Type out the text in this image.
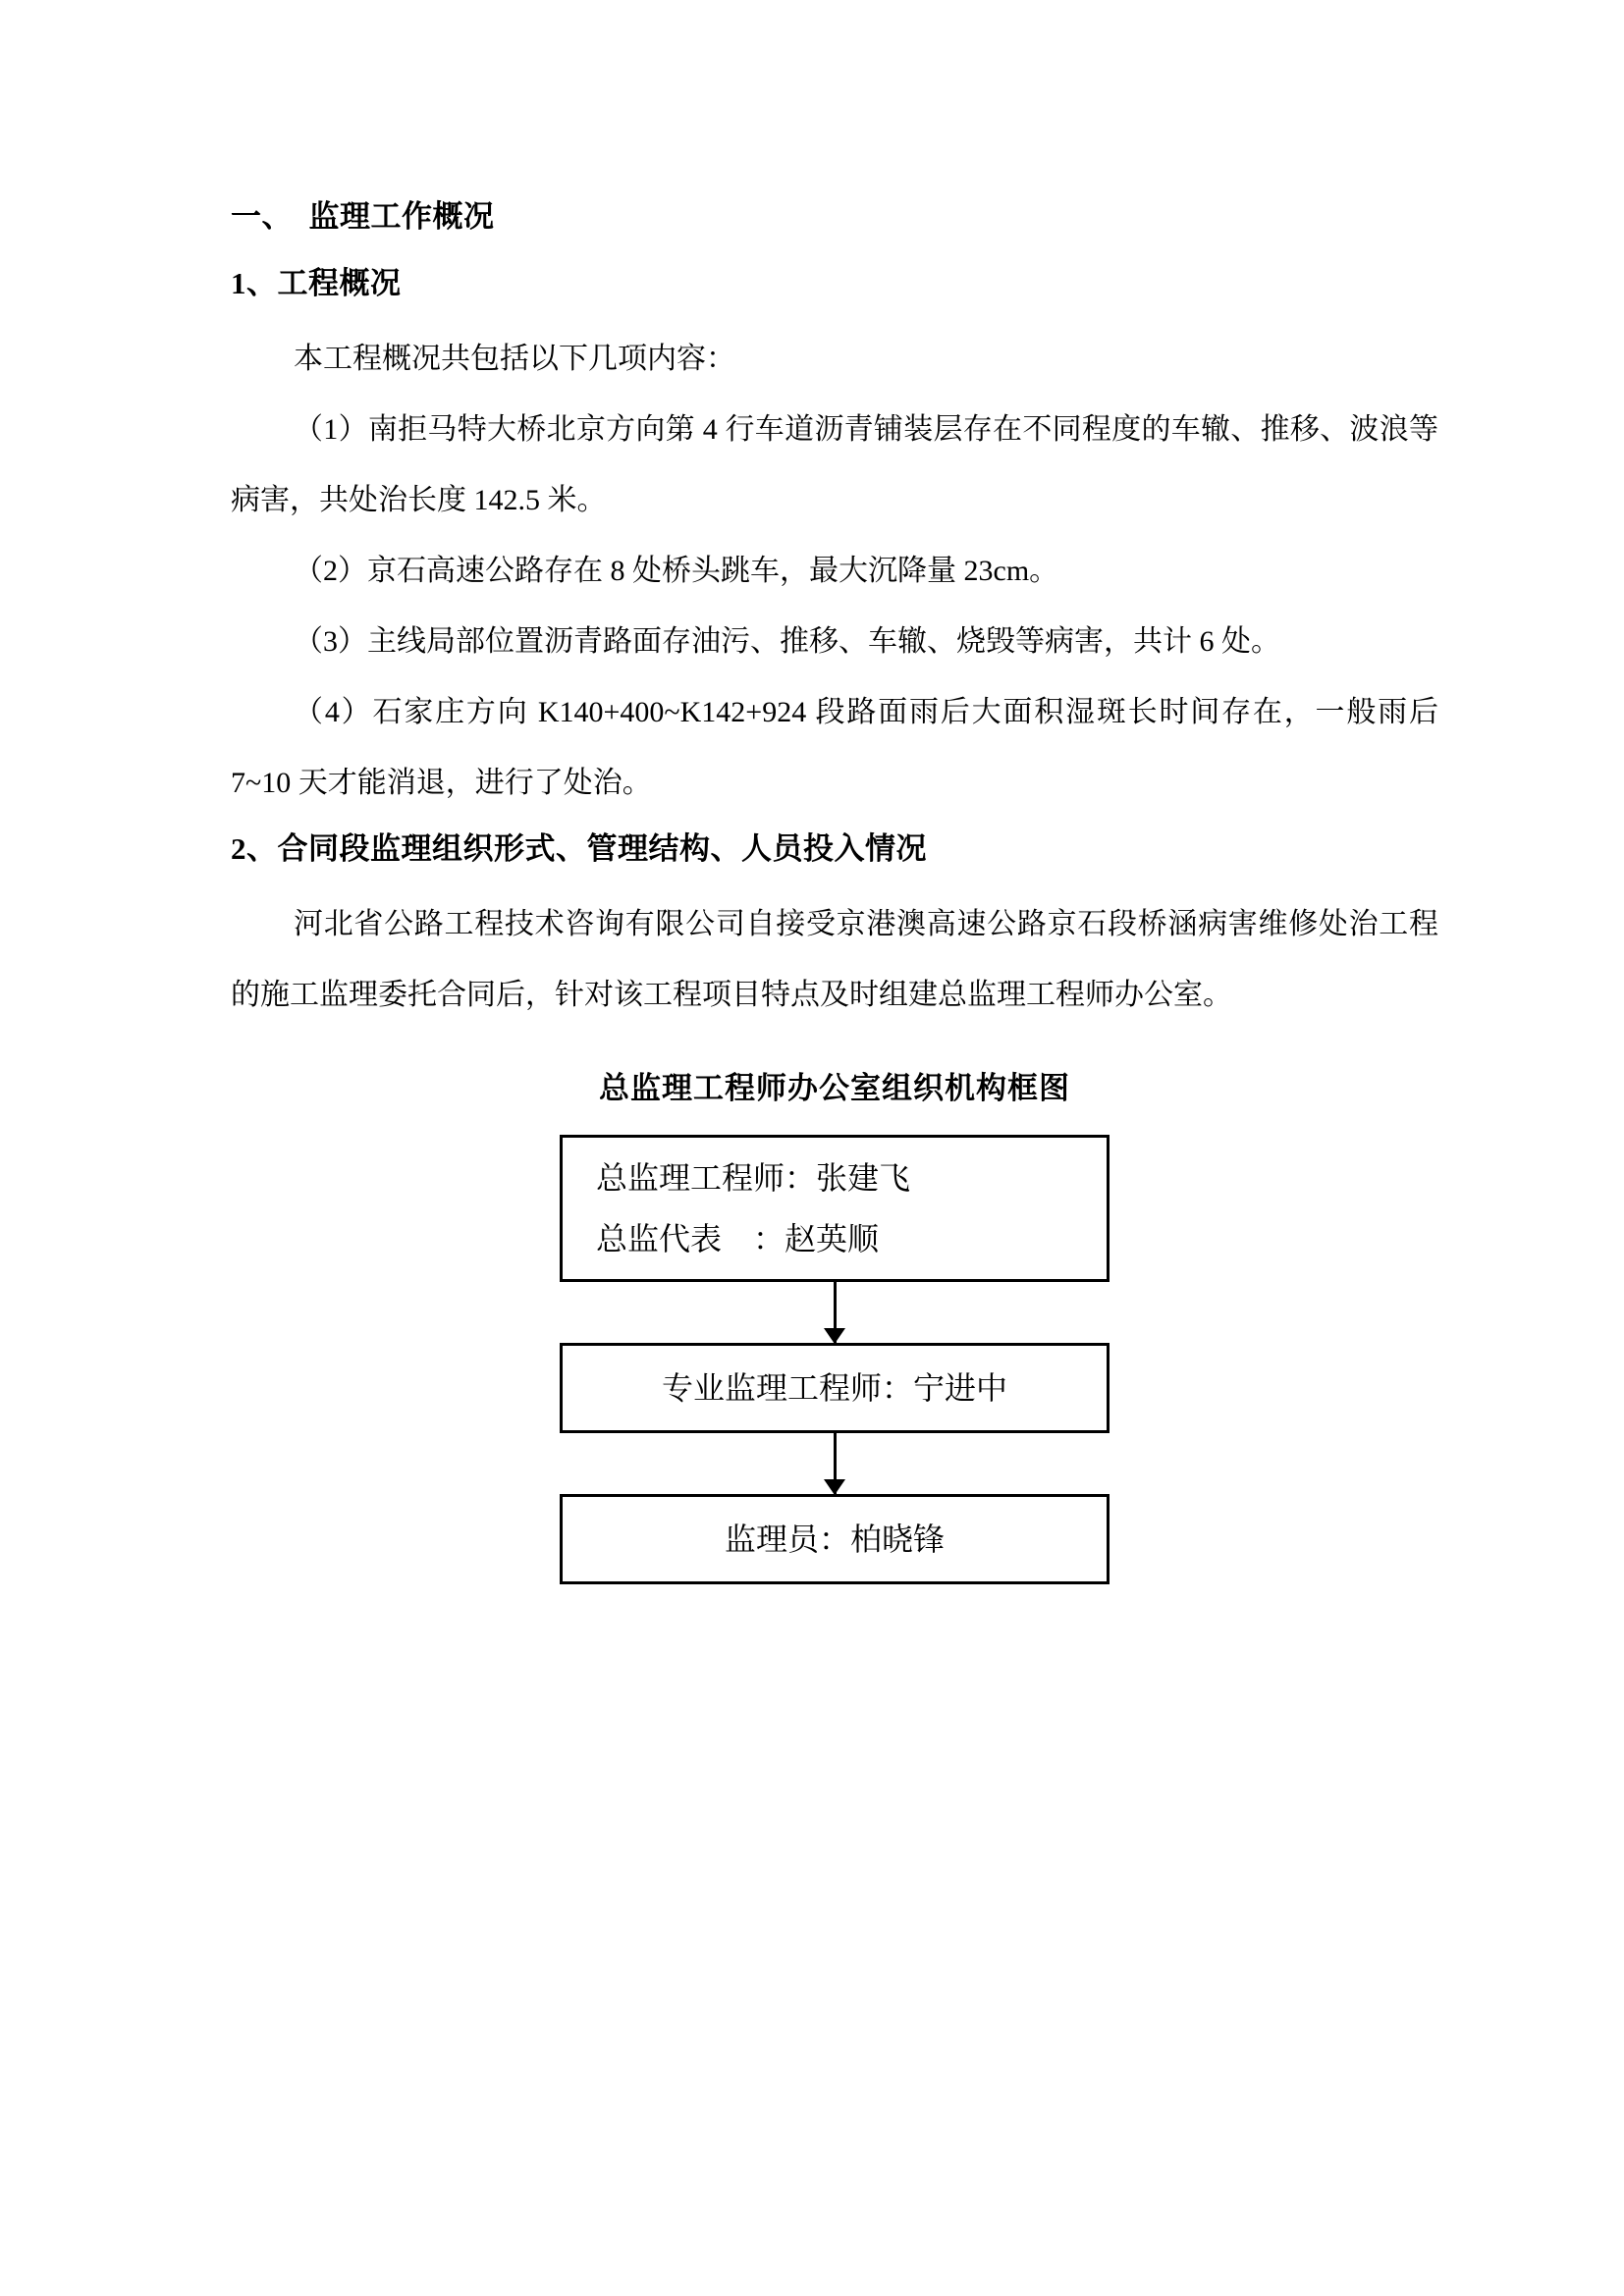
一、  监理工作概况
1、工程概况

本工程概况共包括以下几项内容：

（1）南拒马特大桥北京方向第 4 行车道沥青铺装层存在不同程度的车辙、推移、波浪等病害，共处治长度 142.5 米。

（2）京石高速公路存在 8 处桥头跳车，最大沉降量 23cm。

（3）主线局部位置沥青路面存油污、推移、车辙、烧毁等病害，共计 6 处。

（4）石家庄方向 K140+400~K142+924 段路面雨后大面积湿斑长时间存在，一般雨后 7~10 天才能消退，进行了处治。

2、合同段监理组织形式、管理结构、人员投入情况

河北省公路工程技术咨询有限公司自接受京港澳高速公路京石段桥涵病害维修处治工程的施工监理委托合同后，针对该工程项目特点及时组建总监理工程师办公室。

总监理工程师办公室组织机构框图
总监理工程师：张建飞
总监代表    ：赵英顺
专业监理工程师：宁进中
监理员：柏晓锋
